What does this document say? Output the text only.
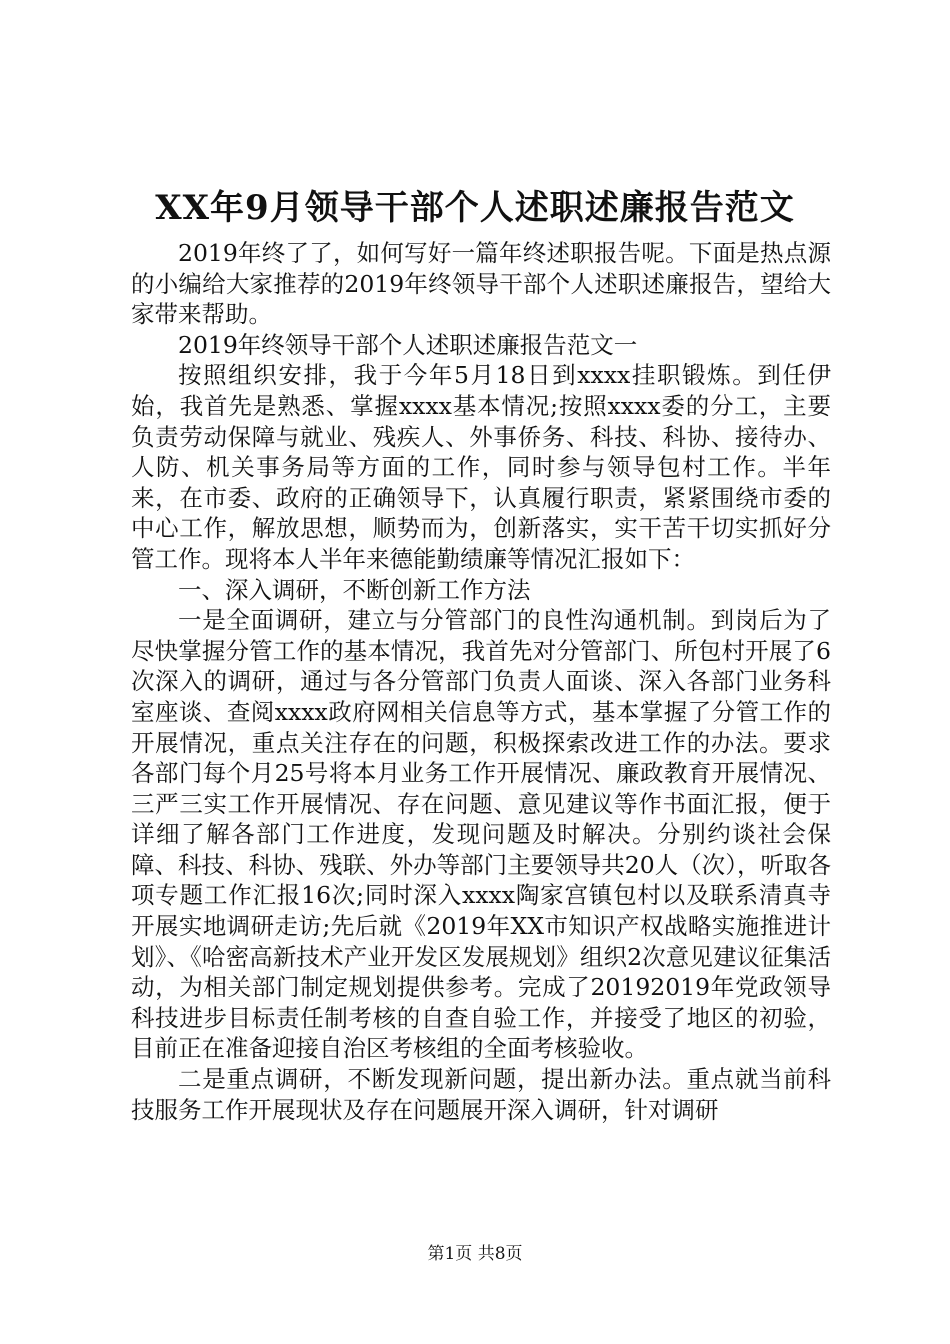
XX年9月领导干部个人述职述廉报告范文

2019年终了了，如何写好一篇年终述职报告呢。下面是热点源的小编给大家推荐的2019年终领导干部个人述职述廉报告，望给大家带来帮助。

2019年终领导干部个人述职述廉报告范文一

按照组织安排，我于今年5月18日到xxxx挂职锻炼。到任伊始，我首先是熟悉、掌握xxxx基本情况;按照xxxx委的分工，主要负责劳动保障与就业、残疾人、外事侨务、科技、科协、接待办、人防、机关事务局等方面的工作，同时参与领导包村工作。半年来，在市委、政府的正确领导下，认真履行职责，紧紧围绕市委的中心工作，解放思想，顺势而为，创新落实，实干苦干切实抓好分管工作。现将本人半年来德能勤绩廉等情况汇报如下：

一、深入调研，不断创新工作方法

一是全面调研，建立与分管部门的良性沟通机制。到岗后为了尽快掌握分管工作的基本情况，我首先对分管部门、所包村开展了6次深入的调研，通过与各分管部门负责人面谈、深入各部门业务科室座谈、查阅xxxx政府网相关信息等方式，基本掌握了分管工作的开展情况，重点关注存在的问题，积极探索改进工作的办法。要求各部门每个月25号将本月业务工作开展情况、廉政教育开展情况、三严三实工作开展情况、存在问题、意见建议等作书面汇报，便于详细了解各部门工作进度，发现问题及时解决。分别约谈社会保障、科技、科协、残联、外办等部门主要领导共20人（次），听取各项专题工作汇报16次;同时深入xxxx陶家宫镇包村以及联系清真寺开展实地调研走访;先后就《2019年XX市知识产权战略实施推进计划》、《哈密高新技术产业开发区发展规划》组织2次意见建议征集活动，为相关部门制定规划提供参考。完成了20192019年党政领导科技进步目标责任制考核的自查自验工作，并接受了地区的初验，目前正在准备迎接自治区考核组的全面考核验收。

二是重点调研，不断发现新问题，提出新办法。重点就当前科技服务工作开展现状及存在问题展开深入调研，针对调研

第1页 共8页
